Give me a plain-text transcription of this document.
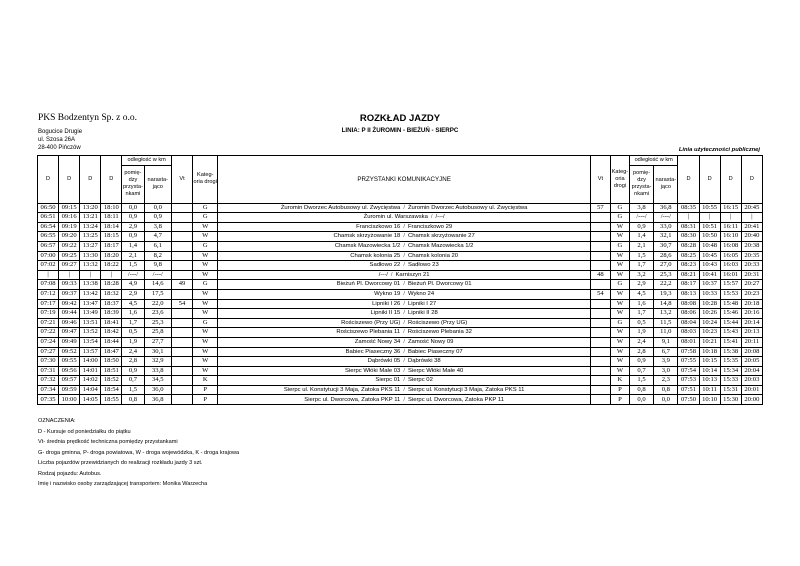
PKS Bodzentyn Sp. z o.o.
Bogucice Drugie
ul. Szosa 26A
28-400 Pińczów
ROZKŁAD JAZDY
LINIA: P II ŻUROMIN - BIEŻUŃ - SIERPC
Linia użyteczności publicznej
D	D	D	D	odległość w km		Vt	Kateg-oria drogi	PRZYSTANKI KOMUNIKACYJNE	Vt	Kateg-oria drogi	odległość w km		D	D	D	D
				pomię-dzy przysta-nkami	narasta-jąco						pomię-dzy przysta-nkami	narasta-jąco				
06:50	09:15	13:20	18:10	0,0	0,0		G	Żuromin Dworzec Autobusowy ul. Zwycięstwa / Żuromin Dworzec Autobusowy ul. Zwycięstwa	57	G	3,8	36,8	08:35	10:55	16:15	20:45
06:51	09:16	13:21	18:11	0,9	0,9		G	Żuromin ul. Warszawska / /---/		G	/---/	/---/	|	|	|	|
06:54	09:19	13:24	18:14	2,9	3,8		W	Franciszkowo 16 / Franciszkowo 29		W	0,9	33,0	08:31	10:51	16:11	20:41
06:55	09:20	13:25	18:15	0,9	4,7		W	Chamsk skrzyżowanie 18 / Chamsk skrzyżowanie 27		W	1,4	32,1	08:30	10:50	16:10	20:40
06:57	09:22	13:27	18:17	1,4	6,1		G	Chamsk Mazowiecka 1/2 / Chamsk Mazowiecka 1/2		G	2,1	30,7	08:28	10:48	16:08	20:38
07:00	09:25	13:30	18:20	2,1	8,2		W	Chamsk kolonia 25 / Chamsk kolonia 20		W	1,5	28,6	08:25	10:45	16:05	20:35
07:02	09:27	13:32	18:22	1,5	9,8		W	Sadłowo 22 / Sadłowo 23		W	1,7	27,0	08:23	10:43	16:03	20:33
|	|	|	|	/---/	/---/		W	/---/ / Karniszyn 21	48	W	3,2	25,3	08:21	10:41	16:01	20:31
07:08	09:33	13:38	18:28	4,9	14,6	49	G	Bieżuń Pl. Dworcowy 01 / Bieżuń Pl. Dworcowy 01		G	2,9	22,2	08:17	10:37	15:57	20:27
07:12	09:37	13:42	18:32	2,9	17,5		W	Wykno 19 / Wykno 24	54	W	4,5	19,3	08:13	10:33	15:53	20:23
07:17	09:42	13:47	18:37	4,5	22,0	54	W	Lipniki I 26 / Lipniki I 27		W	1,6	14,8	08:08	10:28	15:48	20:18
07:19	09:44	13:49	18:39	1,6	23,6		W	Lipniki II 15 / Lipniki II 28		W	1,7	13,2	08:06	10:26	15:46	20:16
07:21	09:46	13:51	18:41	1,7	25,3		G	Rościszewo (Przy UG) / Rościszewo (Przy UG)		G	0,5	11,5	08:04	10:24	15:44	20:14
07:22	09:47	13:52	18:42	0,5	25,8		W	Rościszewo Plebania 11 / Rościszewo Plebania 32		W	1,9	11,0	08:03	10:23	15:43	20:13
07:24	09:49	13:54	18:44	1,9	27,7		W	Zamość Nowy 34 / Zamość Nowy 09		W	2,4	9,1	08:01	10:21	15:41	20:11
07:27	09:52	13:57	18:47	2,4	30,1		W	Babiec Piaseczny 36 / Babiec Piaseczny 07		W	2,8	6,7	07:58	10:18	15:38	20:08
07:30	09:55	14:00	18:50	2,8	32,9		W	Dąbrówki 05 / Dąbrówki 38		W	0,9	3,9	07:55	10:15	15:35	20:05
07:31	09:56	14:01	18:51	0,9	33,8		W	Sierpc Włóki Małe 03 / Sierpc Włóki Małe 40		W	0,7	3,0	07:54	10:14	15:34	20:04
07:32	09:57	14:02	18:52	0,7	34,5		K	Sierpc 01 / Sierpc 02		K	1,5	2,3	07:53	10:13	15:33	20:03
07:34	09:59	14:04	18:54	1,5	36,0		P	Sierpc ul. Konstytucji 3 Maja, Zatoka PKS 11 / Sierpc ul. Konstytucji 3 Maja, Zatoka PKS 11		P	0,8	0,8	07:51	10:11	15:31	20:01
07:35	10:00	14:05	18:55	0,8	36,8		P	Sierpc ul. Dworcowa, Zatoka PKP 11 / Sierpc ul. Dworcowa, Zatoka PKP 11		P	0,0	0,0	07:50	10:10	15:30	20:00
OZNACZENIA:
D - Kursuje od poniedziałku do piątku
Vt- średnia prędkość techniczna pomiędzy przystankami
G- droga gminna, P- droga powiatowa, W - droga wojewódzka, K - droga krajowa
Liczba pojazdów przewidzianych do realizacji rozkładu jazdy 3 szt.
Rodzaj pojazdu: Autobus.
Imię i nazwisko osoby zarządzającej transportem: Monika Warzecha
